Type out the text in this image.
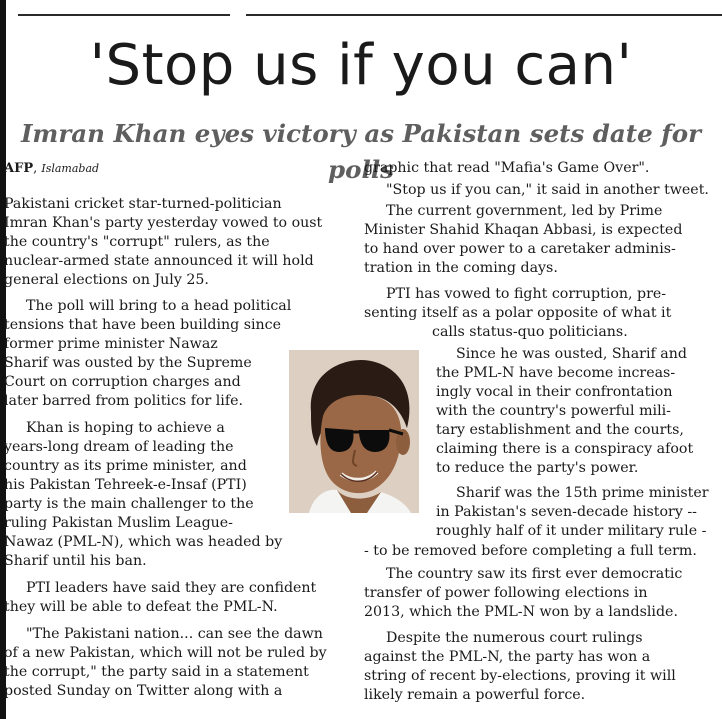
'Stop us if you can'
Imran Khan eyes victory as Pakistan sets date for polls
AFP, Islamabad
Pakistani cricket star-turned-politician
Imran Khan's party yesterday vowed to oust
the country's "corrupt" rulers, as the
nuclear-armed state announced it will hold
general elections on July 25.
The poll will bring to a head political
tensions that have been building since
former prime minister Nawaz
Sharif was ousted by the Supreme
Court on corruption charges and
later barred from politics for life.
Khan is hoping to achieve a
years-long dream of leading the
country as its prime minister, and
his Pakistan Tehreek-e-Insaf (PTI)
party is the main challenger to the
ruling Pakistan Muslim League-
Nawaz (PML-N), which was headed by
Sharif until his ban.
PTI leaders have said they are confident
they will be able to defeat the PML-N.
"The Pakistani nation... can see the dawn
of a new Pakistan, which will not be ruled by
the corrupt," the party said in a statement
posted Sunday on Twitter along with a
graphic that read "Mafia's Game Over".
"Stop us if you can," it said in another tweet.
The current government, led by Prime
Minister Shahid Khaqan Abbasi, is expected
to hand over power to a caretaker adminis-
tration in the coming days.
PTI has vowed to fight corruption, pre-
senting itself as a polar opposite of what it
calls status-quo politicians.
Since he was ousted, Sharif and
the PML-N have become increas-
ingly vocal in their confrontation
with the country's powerful mili-
tary establishment and the courts,
claiming there is a conspiracy afoot
to reduce the party's power.
Sharif was the 15th prime minister
in Pakistan's seven-decade history --
roughly half of it under military rule -
- to be removed before completing a full term.
The country saw its first ever democratic
transfer of power following elections in
2013, which the PML-N won by a landslide.
Despite the numerous court rulings
against the PML-N, the party has won a
string of recent by-elections, proving it will
likely remain a powerful force.
